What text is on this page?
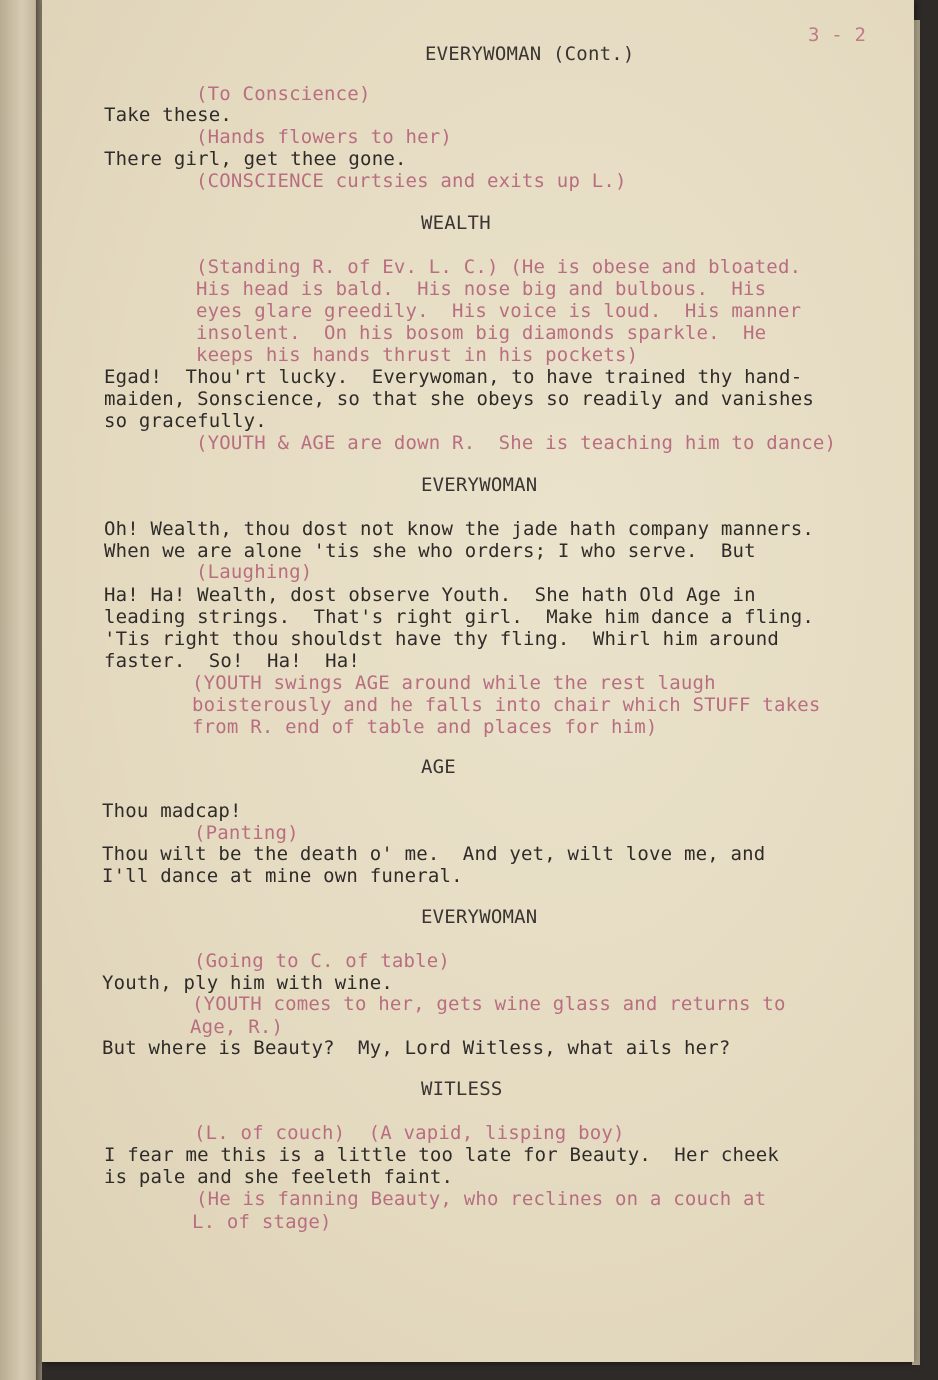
EVERYWOMAN (Cont.)
(To Conscience)
Take these.
(Hands flowers to her)
There girl, get thee gone.
(CONSCIENCE curtsies and exits up L.)
WEALTH
(Standing R. of Ev. L. C.) (He is obese and bloated.
His head is bald.  His nose big and bulbous.  His
eyes glare greedily.  His voice is loud.  His manner
insolent.  On his bosom big diamonds sparkle.  He
keeps his hands thrust in his pockets)
Egad!  Thou'rt lucky.  Everywoman, to have trained thy hand-
maiden, Sonscience, so that she obeys so readily and vanishes
so gracefully.
(YOUTH & AGE are down R.  She is teaching him to dance)
EVERYWOMAN
Oh! Wealth, thou dost not know the jade hath company manners.
When we are alone 'tis she who orders; I who serve.  But
(Laughing)
Ha! Ha! Wealth, dost observe Youth.  She hath Old Age in
leading strings.  That's right girl.  Make him dance a fling.
'Tis right thou shouldst have thy fling.  Whirl him around
faster.  So!  Ha!  Ha!
(YOUTH swings AGE around while the rest laugh
boisterously and he falls into chair which STUFF takes
from R. end of table and places for him)
AGE
Thou madcap!
(Panting)
Thou wilt be the death o' me.  And yet, wilt love me, and
I'll dance at mine own funeral.
EVERYWOMAN
(Going to C. of table)
Youth, ply him with wine.
(YOUTH comes to her, gets wine glass and returns to
Age, R.)
But where is Beauty?  My, Lord Witless, what ails her?
WITLESS
(L. of couch)  (A vapid, lisping boy)
I fear me this is a little too late for Beauty.  Her cheek
is pale and she feeleth faint.
(He is fanning Beauty, who reclines on a couch at
L. of stage)
3 - 2
